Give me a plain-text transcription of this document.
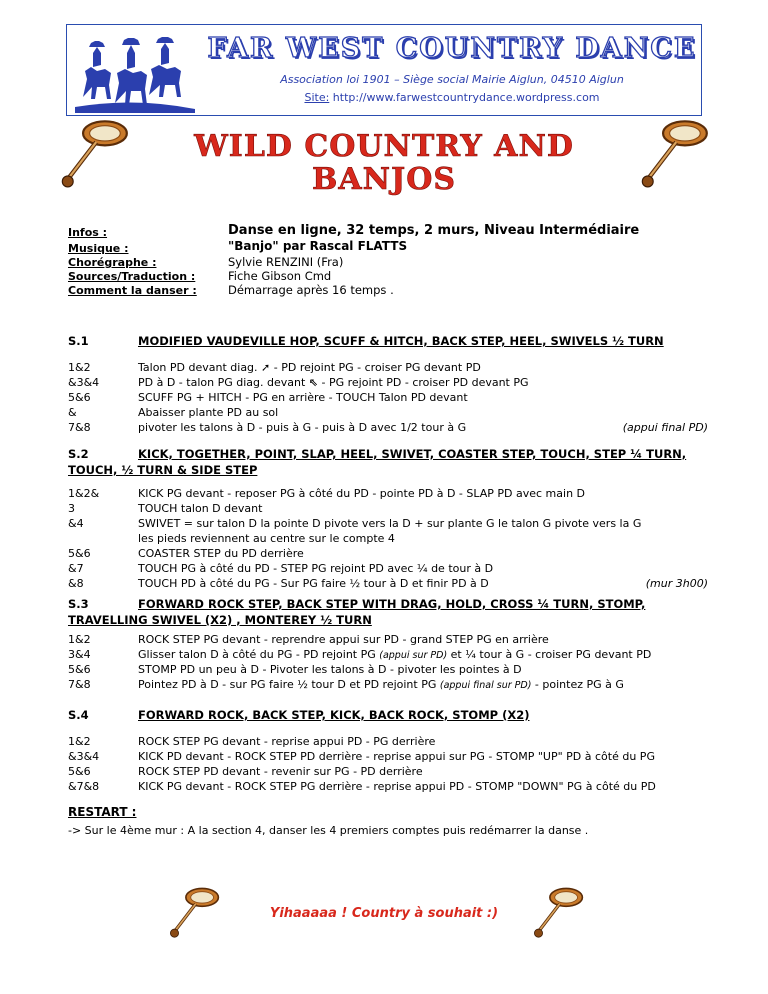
FAR WEST COUNTRY DANCE
Association loi 1901 – Siège social Mairie Aiglun, 04510 Aiglun
Site: http://www.farwestcountrydance.wordpress.com
WILD COUNTRY AND
BANJOS
Infos :	Danse en ligne, 32 temps, 2 murs, Niveau Intermédiaire
Musique :	"Banjo" par Rascal FLATTS
Chorégraphe :	Sylvie RENZINI (Fra)
Sources/Traduction :	Fiche Gibson Cmd
Comment la danser :	Démarrage après 16 temps .
S.1	MODIFIED VAUDEVILLE HOP, SCUFF & HITCH, BACK STEP, HEEL, SWIVELS ½ TURN
1&2	Talon PD devant diag. ➚ - PD rejoint PG - croiser PG devant PD
&3&4	PD à D - talon PG diag. devant ⇖ - PG rejoint PD - croiser PD devant PG
5&6	SCUFF PG + HITCH - PG en arrière - TOUCH Talon PD devant
&	Abaisser plante PD au sol
7&8	pivoter les talons à D - puis à G - puis à D avec 1/2 tour à G	(appui final PD)
S.2	KICK, TOGETHER, POINT, SLAP, HEEL, SWIVET, COASTER STEP, TOUCH, STEP ¼ TURN, TOUCH, ½ TURN & SIDE STEP
1&2&	KICK PG devant - reposer PG à côté du PD - pointe PD à D - SLAP PD avec main D
3	TOUCH talon D devant
&4	SWIVET = sur talon D la pointe D pivote vers la D + sur plante G le talon G pivote vers la G
les pieds reviennent au centre sur le compte 4
5&6	COASTER STEP du PD derrière
&7	TOUCH PG à côté du PD - STEP PG rejoint PD avec ¼ de tour à D
&8	TOUCH PD à côté du PG - Sur PG faire ½ tour à D et finir PD à D	(mur 3h00)
S.3	FORWARD ROCK STEP, BACK STEP WITH DRAG, HOLD, CROSS ¼ TURN, STOMP, TRAVELLING SWIVEL (X2) , MONTEREY ½ TURN
1&2	ROCK STEP PG devant - reprendre appui sur PD - grand STEP PG en arrière
3&4	Glisser talon D à côté du PG - PD rejoint PG (appui sur PD) et ¼ tour à G - croiser PG devant PD
5&6	STOMP PD un peu à D - Pivoter les talons à D - pivoter les pointes à D
7&8	Pointez PD à D - sur PG faire ½ tour D et PD rejoint PG (appui final sur PD) - pointez PG à G
S.4	FORWARD ROCK, BACK STEP, KICK, BACK ROCK, STOMP (X2)
1&2	ROCK STEP PG devant - reprise appui PD - PG derrière
&3&4	KICK PD devant - ROCK STEP PD derrière - reprise appui sur PG - STOMP "UP" PD à côté du PG
5&6	ROCK STEP PD devant - revenir sur PG - PD derrière
&7&8	KICK PG devant - ROCK STEP PG derrière - reprise appui PD - STOMP "DOWN" PG à côté du PD
RESTART :
-> Sur le 4ème mur : A la section 4, danser les 4 premiers comptes puis redémarrer la danse .
Yihaaaaa ! Country à souhait :)
